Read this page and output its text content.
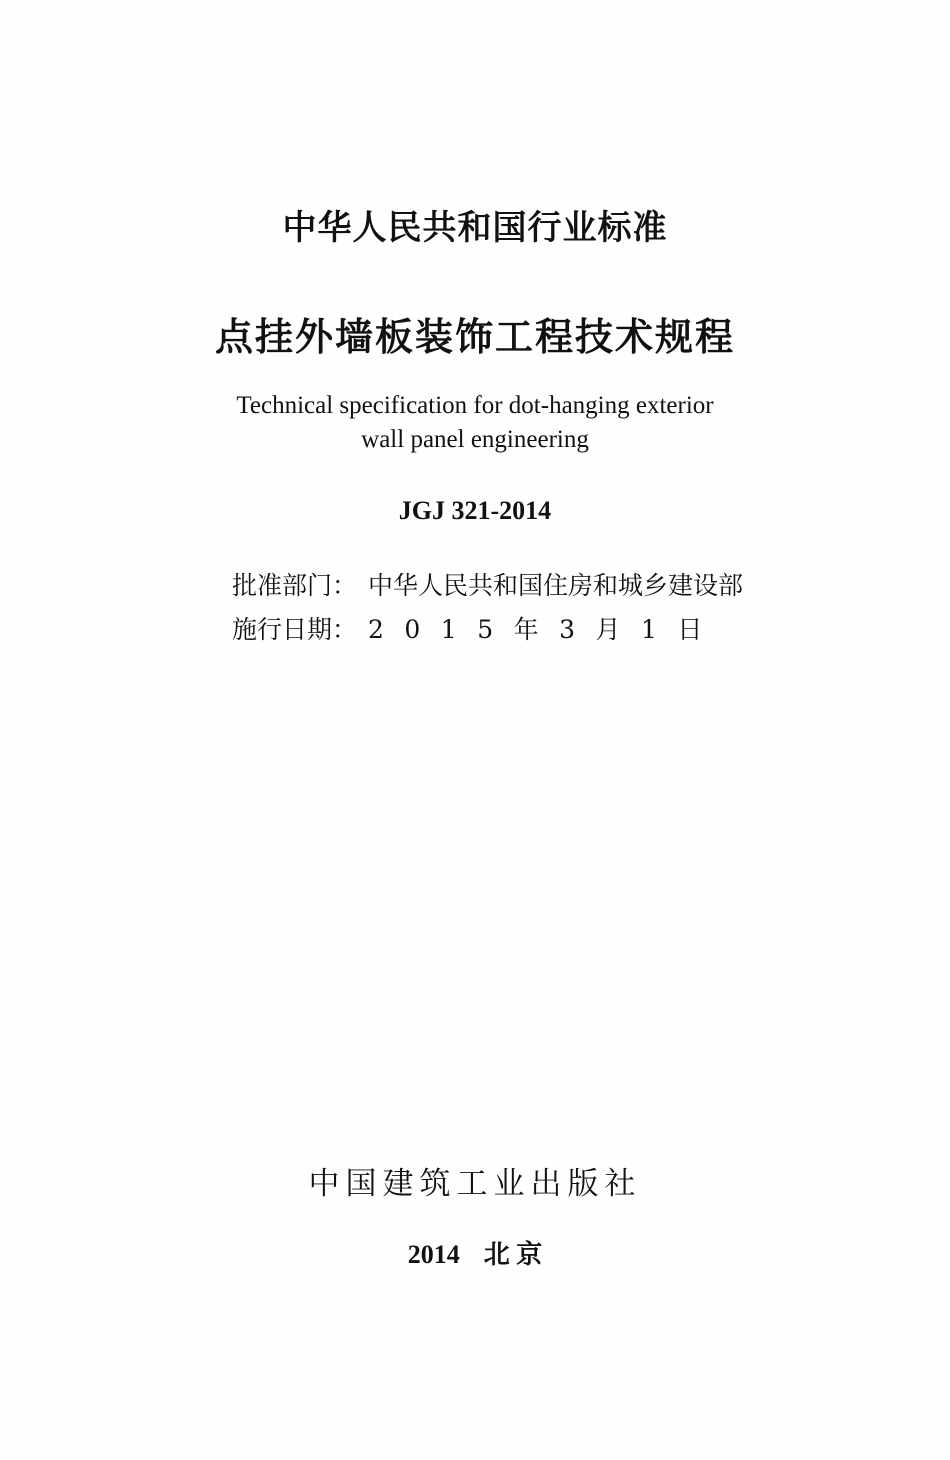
中华人民共和国行业标准
点挂外墙板装饰工程技术规程

Technical specification for dot-hanging exterior

wall panel engineering

JGJ 321-2014

批准部门： 中华人民共和国住房和城乡建设部
施行日期： 2015年3月1日

中国建筑工业出版社

2014 北 京
